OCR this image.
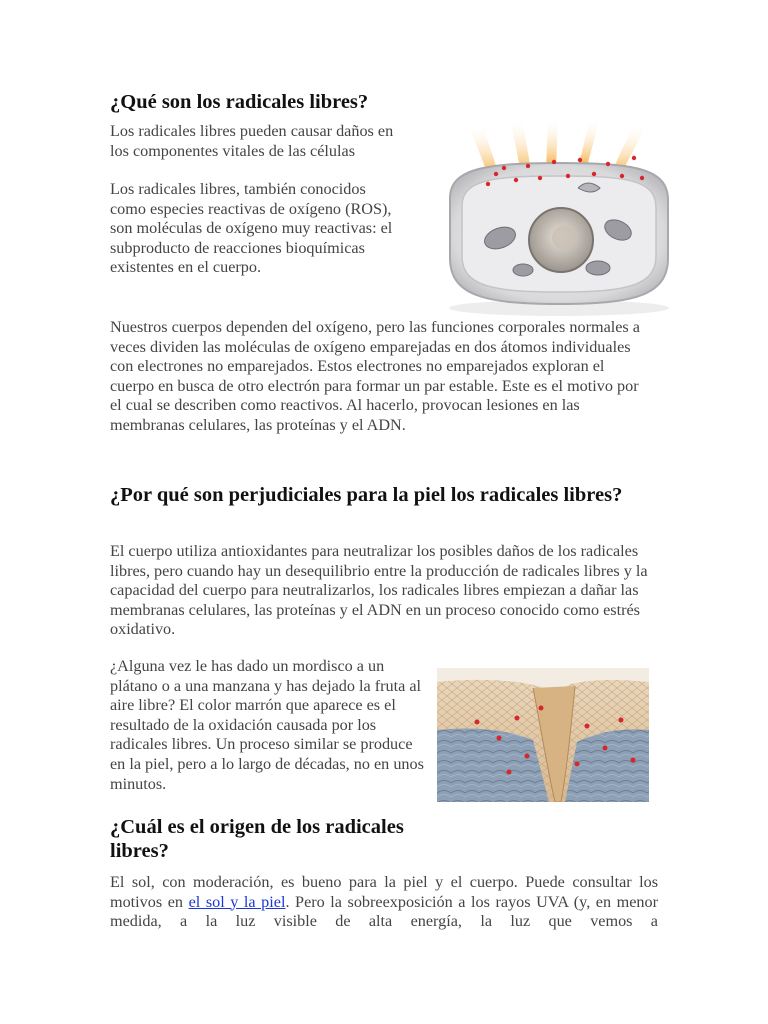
¿Qué son los radicales libres?

Los radicales libres pueden causar daños en los componentes vitales de las células

Los radicales libres, también conocidos como especies reactivas de oxígeno (ROS), son moléculas de oxígeno muy reactivas: el subproducto de reacciones bioquímicas existentes en el cuerpo.

Nuestros cuerpos dependen del oxígeno, pero las funciones corporales normales a veces dividen las moléculas de oxígeno emparejadas en dos átomos individuales con electrones no emparejados. Estos electrones no emparejados exploran el cuerpo en busca de otro electrón para formar un par estable. Este es el motivo por el cual se describen como reactivos. Al hacerlo, provocan lesiones en las membranas celulares, las proteínas y el ADN.

¿Por qué son perjudiciales para la piel los radicales libres?

El cuerpo utiliza antioxidantes para neutralizar los posibles daños de los radicales libres, pero cuando hay un desequilibrio entre la producción de radicales libres y la capacidad del cuerpo para neutralizarlos, los radicales libres empiezan a dañar las membranas celulares, las proteínas y el ADN en un proceso conocido como estrés oxidativo.

¿Alguna vez le has dado un mordisco a un plátano o a una manzana y has dejado la fruta al aire libre? El color marrón que aparece es el resultado de la oxidación causada por los radicales libres. Un proceso similar se produce en la piel, pero a lo largo de décadas, no en unos minutos.

¿Cuál es el origen de los radicales libres?

El sol, con moderación, es bueno para la piel y el cuerpo. Puede consultar los motivos en el sol y la piel. Pero la sobreexposición a los rayos UVA (y, en menor medida, a la luz visible de alta energía, la luz que vemos a
